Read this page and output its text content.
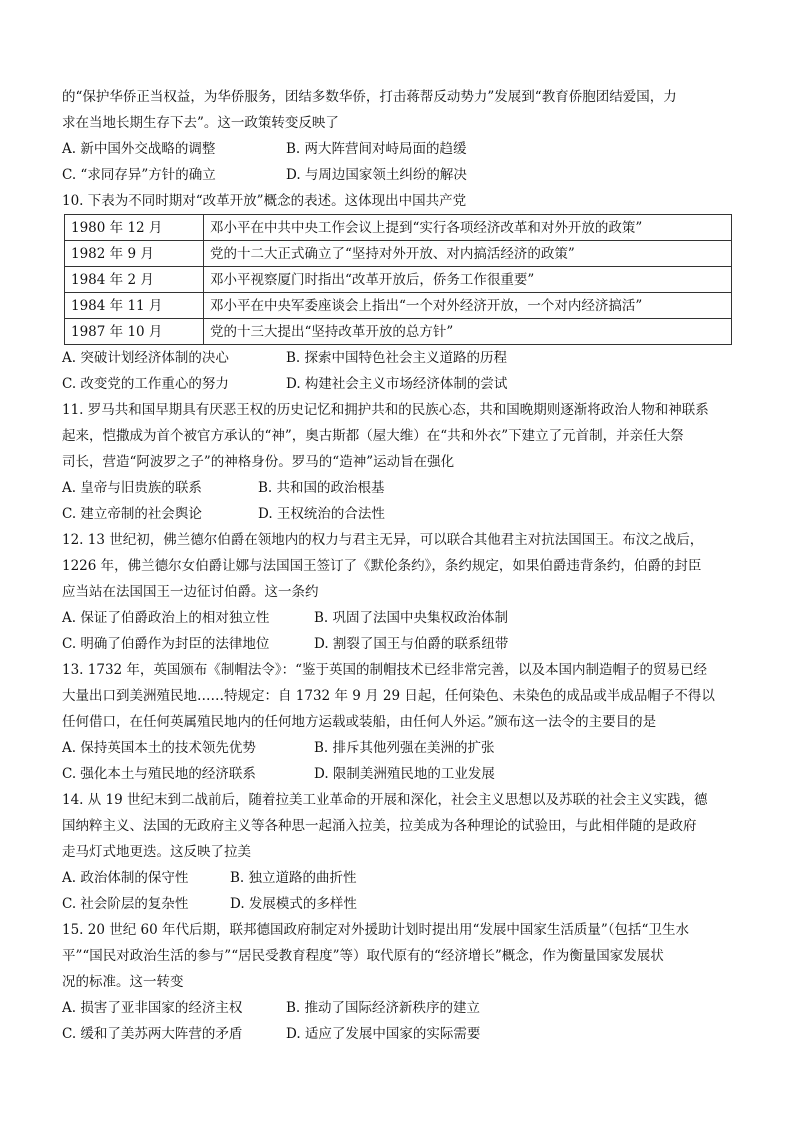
的“保护华侨正当权益，为华侨服务，团结多数华侨，打击蒋帮反动势力”发展到“教育侨胞团结爱国，力
求在当地长期生存下去”。这一政策转变反映了
A. 新中国外交战略的调整	B. 两大阵营间对峙局面的趋缓
C. “求同存异”方针的确立	D. 与周边国家领土纠纷的解决
10. 下表为不同时期对“改革开放”概念的表述。这体现出中国共产党
1980 年 12 月	邓小平在中共中央工作会议上提到“实行各项经济改革和对外开放的政策”
1982 年 9 月	党的十二大正式确立了“坚持对外开放、对内搞活经济的政策”
1984 年 2 月	邓小平视察厦门时指出“改革开放后，侨务工作很重要”
1984 年 11 月	邓小平在中央军委座谈会上指出“一个对外经济开放，一个对内经济搞活”
1987 年 10 月	党的十三大提出“坚持改革开放的总方针”
A. 突破计划经济体制的决心	B. 探索中国特色社会主义道路的历程
C. 改变党的工作重心的努力	D. 构建社会主义市场经济体制的尝试
11. 罗马共和国早期具有厌恶王权的历史记忆和拥护共和的民族心态，共和国晚期则逐渐将政治人物和神联系
起来，恺撒成为首个被官方承认的“神”，奥古斯都（屋大维）在“共和外衣”下建立了元首制，并亲任大祭
司长，营造“阿波罗之子”的神格身份。罗马的“造神”运动旨在强化
A. 皇帝与旧贵族的联系	B. 共和国的政治根基
C. 建立帝制的社会舆论	D. 王权统治的合法性
12. 13 世纪初，佛兰德尔伯爵在领地内的权力与君主无异，可以联合其他君主对抗法国国王。布汶之战后，
1226 年，佛兰德尔女伯爵让娜与法国国王签订了《默伦条约》，条约规定，如果伯爵违背条约，伯爵的封臣
应当站在法国国王一边征讨伯爵。这一条约
A. 保证了伯爵政治上的相对独立性	B. 巩固了法国中央集权政治体制
C. 明确了伯爵作为封臣的法律地位	D. 割裂了国王与伯爵的联系纽带
13. 1732 年，英国颁布《制帽法令》：“鉴于英国的制帽技术已经非常完善，以及本国内制造帽子的贸易已经
大量出口到美洲殖民地……特规定：自 1732 年 9 月 29 日起，任何染色、未染色的成品或半成品帽子不得以
任何借口，在任何英属殖民地内的任何地方运载或装船，由任何人外运。”颁布这一法令的主要目的是
A. 保持英国本土的技术领先优势	B. 排斥其他列强在美洲的扩张
C. 强化本土与殖民地的经济联系	D. 限制美洲殖民地的工业发展
14. 从 19 世纪末到二战前后，随着拉美工业革命的开展和深化，社会主义思想以及苏联的社会主义实践，德
国纳粹主义、法国的无政府主义等各种思一起涌入拉美，拉美成为各种理论的试验田，与此相伴随的是政府
走马灯式地更迭。这反映了拉美
A. 政治体制的保守性	B. 独立道路的曲折性
C. 社会阶层的复杂性	D. 发展模式的多样性
15. 20 世纪 60 年代后期，联邦德国政府制定对外援助计划时提出用“发展中国家生活质量”（包括“卫生水
平”“国民对政治生活的参与”“居民受教育程度”等）取代原有的“经济增长”概念，作为衡量国家发展状
况的标准。这一转变
A. 损害了亚非国家的经济主权	B. 推动了国际经济新秩序的建立
C. 缓和了美苏两大阵营的矛盾	D. 适应了发展中国家的实际需要
